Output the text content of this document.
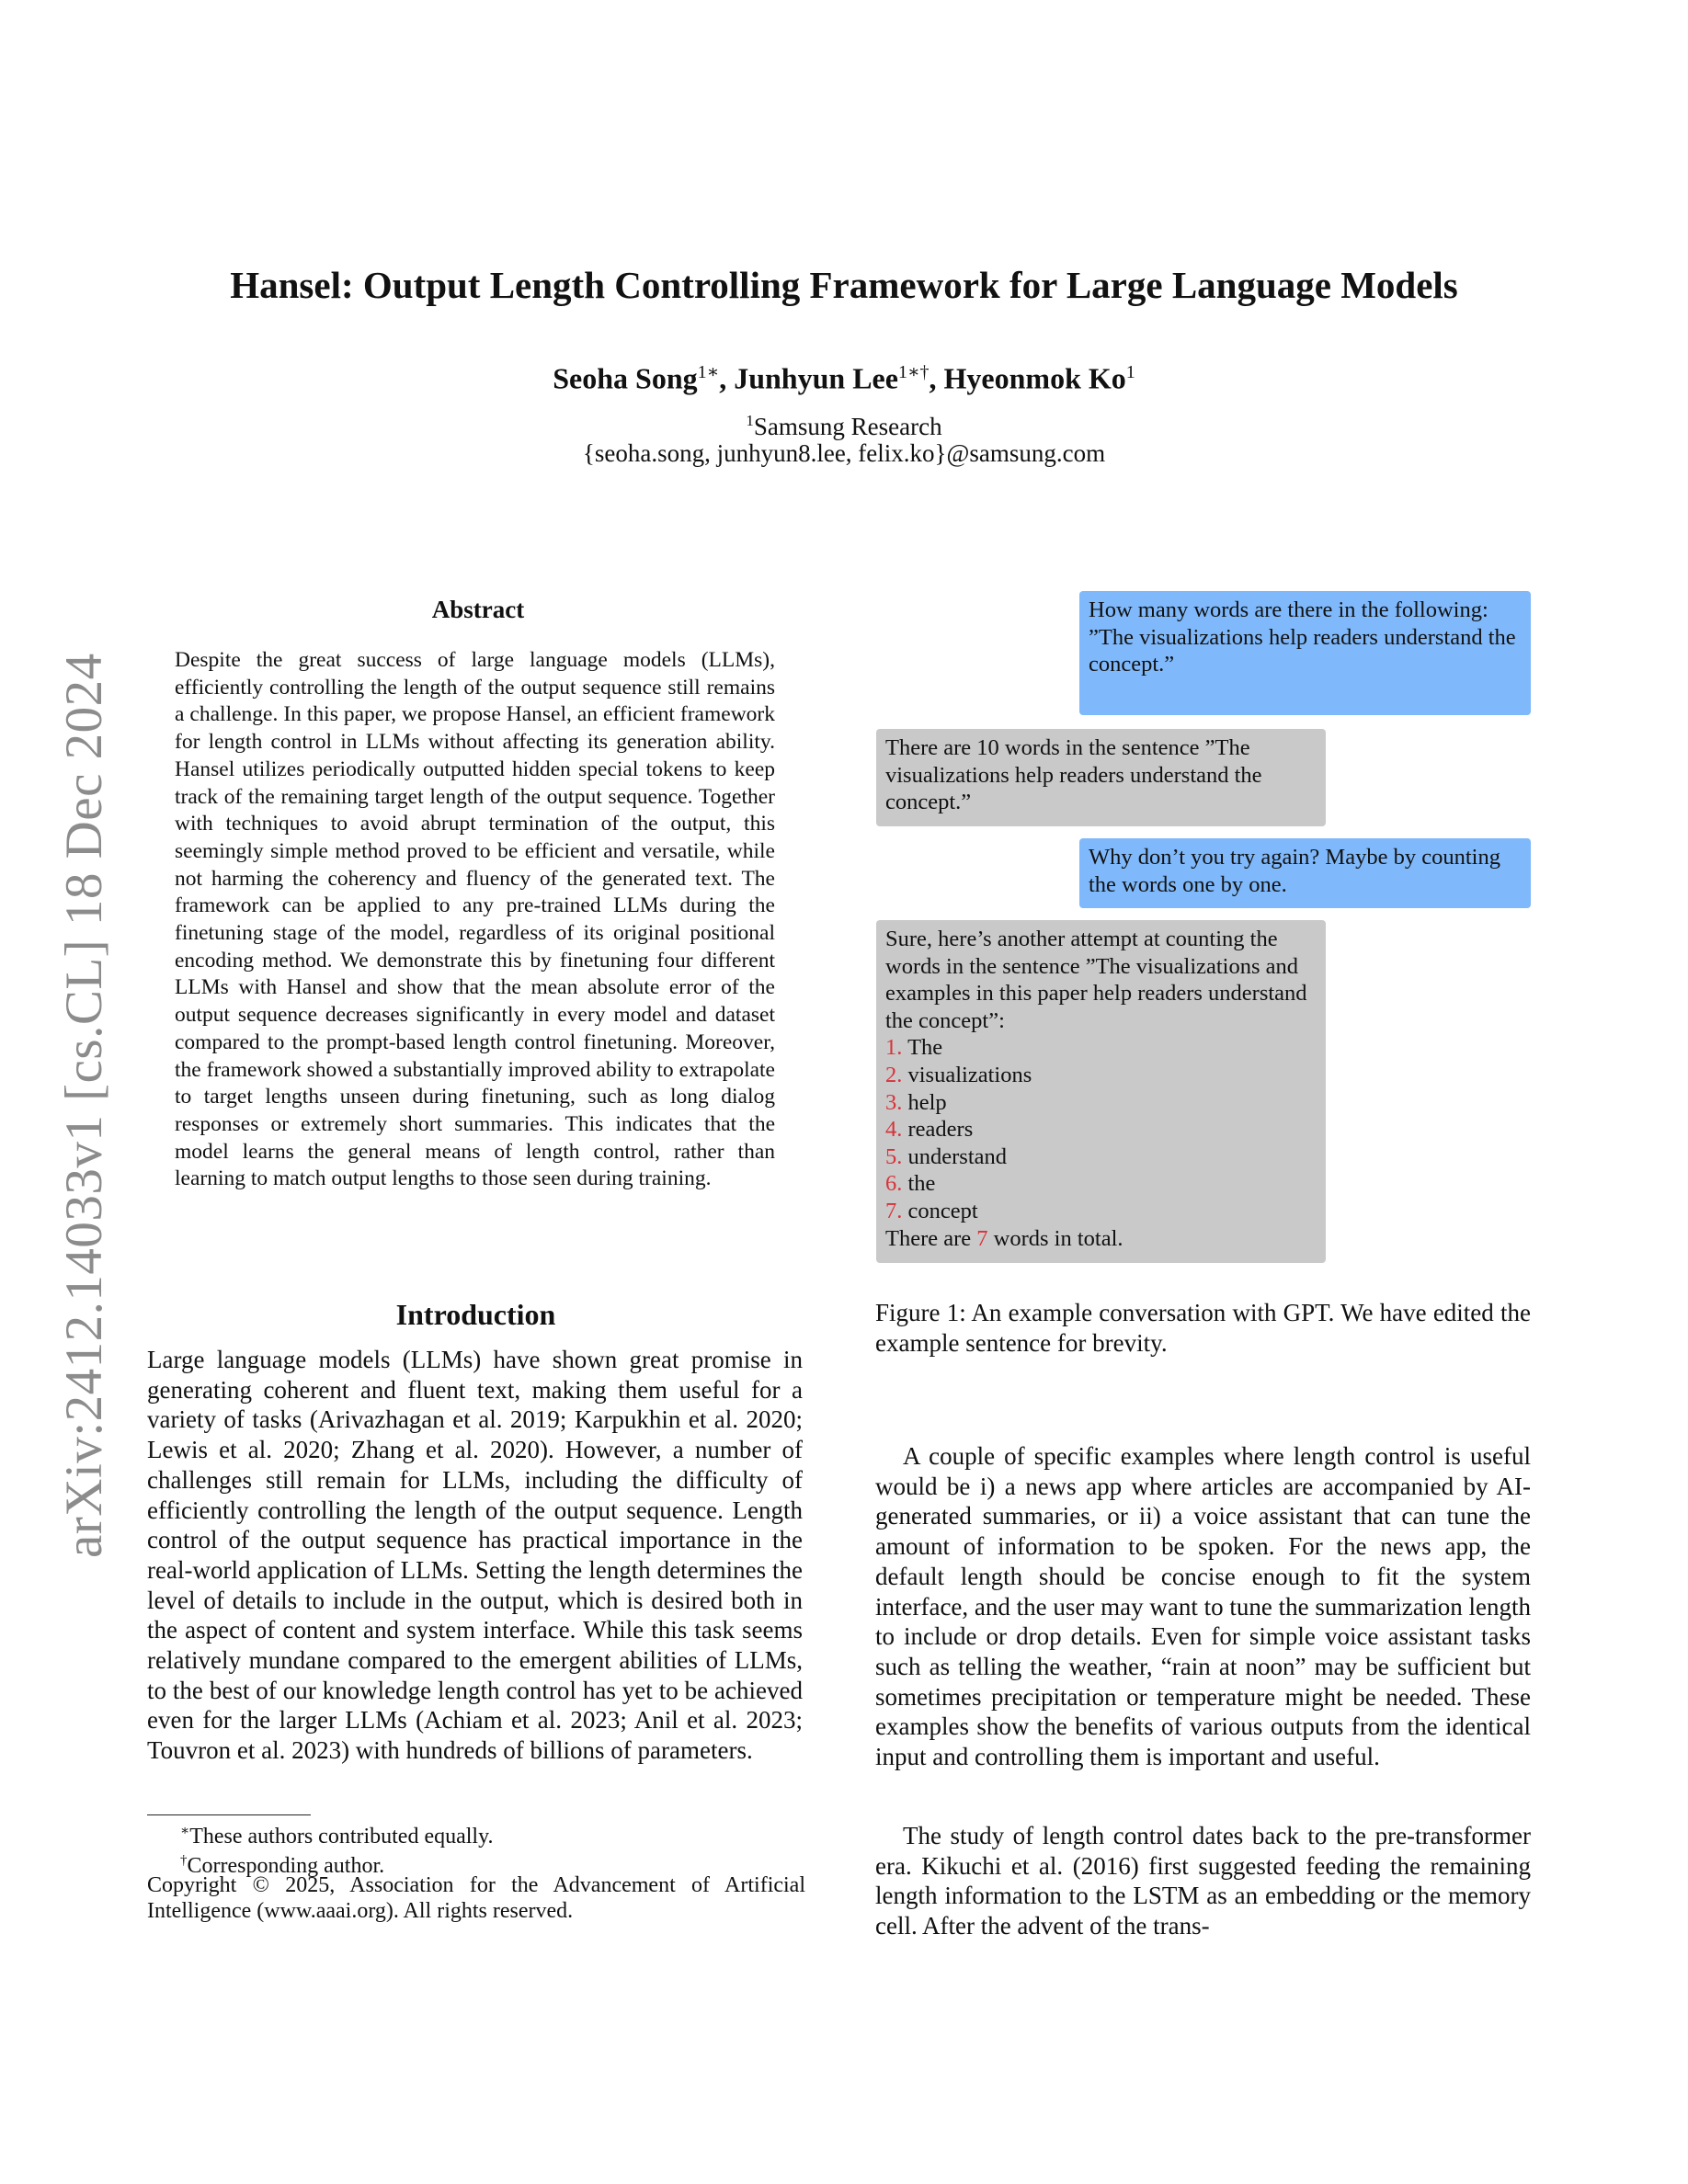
arXiv:2412.14033v1 [cs.CL] 18 Dec 2024
Hansel: Output Length Controlling Framework for Large Language Models
Seoha Song$^{1∗}$, Junhyun Lee$^{1∗\dagger}$, Hyeonmok Ko$^1$
$^1$Samsung Research
{seoha.song, junhyun8.lee, felix.ko}@samsung.com
Abstract
Despite the great success of large language models (LLMs), efficiently controlling the length of the output sequence still remains a challenge. In this paper, we propose Hansel, an efficient framework for length control in LLMs without affecting its generation ability. Hansel utilizes periodically outputted hidden special tokens to keep track of the remaining target length of the output sequence. Together with techniques to avoid abrupt termination of the output, this seemingly simple method proved to be efficient and versatile, while not harming the coherency and fluency of the generated text. The framework can be applied to any pre-trained LLMs during the finetuning stage of the model, regardless of its original positional encoding method. We demonstrate this by finetuning four different LLMs with Hansel and show that the mean absolute error of the output sequence decreases significantly in every model and dataset compared to the prompt-based length control finetuning. Moreover, the framework showed a substantially improved ability to extrapolate to target lengths unseen during finetuning, such as long dialog responses or extremely short summaries. This indicates that the model learns the general means of length control, rather than learning to match output lengths to those seen during training.
Introduction
Large language models (LLMs) have shown great promise in generating coherent and fluent text, making them useful for a variety of tasks (Arivazhagan et al. 2019; Karpukhin et al. 2020; Lewis et al. 2020; Zhang et al. 2020). However, a number of challenges still remain for LLMs, including the difficulty of efficiently controlling the length of the output sequence. Length control of the output sequence has practical importance in the real-world application of LLMs. Setting the length determines the level of details to include in the output, which is desired both in the aspect of content and system interface. While this task seems relatively mundane compared to the emergent abilities of LLMs, to the best of our knowledge length control has yet to be achieved even for the larger LLMs (Achiam et al. 2023; Anil et al. 2023; Touvron et al. 2023) with hundreds of billions of parameters.
∗These authors contributed equally.
†Corresponding author.
Copyright © 2025, Association for the Advancement of Artificial Intelligence (www.aaai.org). All rights reserved.
How many words are there in the following: ”The visualizations help readers understand the concept.”
There are 10 words in the sentence ”The visualizations help readers understand the concept.”
Why don’t you try again? Maybe by counting the words one by one.
Sure, here’s another attempt at counting the words in the sentence ”The visualizations and examples in this paper help readers understand the concept”:
1. The
2. visualizations
3. help
4. readers
5. understand
6. the
7. concept
There are 7 words in total.
Figure 1: An example conversation with GPT. We have edited the example sentence for brevity.

A couple of specific examples where length control is useful would be i) a news app where articles are accompanied by AI-generated summaries, or ii) a voice assistant that can tune the amount of information to be spoken. For the news app, the default length should be concise enough to fit the system interface, and the user may want to tune the summarization length to include or drop details. Even for simple voice assistant tasks such as telling the weather, “rain at noon” may be sufficient but sometimes precipitation or temperature might be needed. These examples show the benefits of various outputs from the identical input and controlling them is important and useful.

The study of length control dates back to the pre-transformer era. Kikuchi et al. (2016) first suggested feeding the remaining length information to the LSTM as an embedding or the memory cell. After the advent of the trans-
